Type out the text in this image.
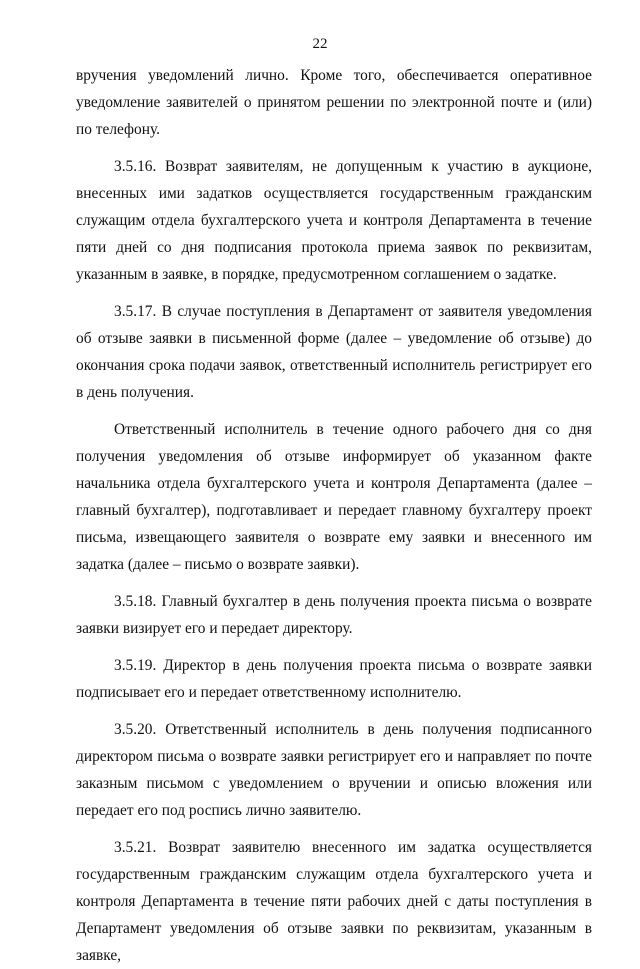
22

вручения уведомлений лично. Кроме того, обеспечивается оперативное уведомление заявителей о принятом решении по электронной почте и (или) по телефону.

3.5.16. Возврат заявителям, не допущенным к участию в аукционе, внесенных ими задатков осуществляется государственным гражданским служащим отдела бухгалтерского учета и контроля Департамента в течение пяти дней со дня подписания протокола приема заявок по реквизитам, указанным в заявке, в порядке, предусмотренном соглашением о задатке.

3.5.17. В случае поступления в Департамент от заявителя уведомления об отзыве заявки в письменной форме (далее – уведомление об отзыве) до окончания срока подачи заявок, ответственный исполнитель регистрирует его в день получения.

Ответственный исполнитель в течение одного рабочего дня со дня получения уведомления об отзыве информирует об указанном факте начальника отдела бухгалтерского учета и контроля Департамента (далее – главный бухгалтер), подготавливает и передает главному бухгалтеру проект письма, извещающего заявителя о возврате ему заявки и внесенного им задатка (далее – письмо о возврате заявки).

3.5.18. Главный бухгалтер в день получения проекта письма о возврате заявки визирует его и передает директору.

3.5.19. Директор в день получения проекта письма о возврате заявки подписывает его и передает ответственному исполнителю.

3.5.20. Ответственный исполнитель в день получения подписанного директором письма о возврате заявки регистрирует его и направляет по почте заказным письмом с уведомлением о вручении и описью вложения или передает его под роспись лично заявителю.

3.5.21. Возврат заявителю внесенного им задатка осуществляется государственным гражданским служащим отдела бухгалтерского учета и контроля Департамента в течение пяти рабочих дней с даты поступления в Департамент уведомления об отзыве заявки по реквизитам, указанным в заявке,
